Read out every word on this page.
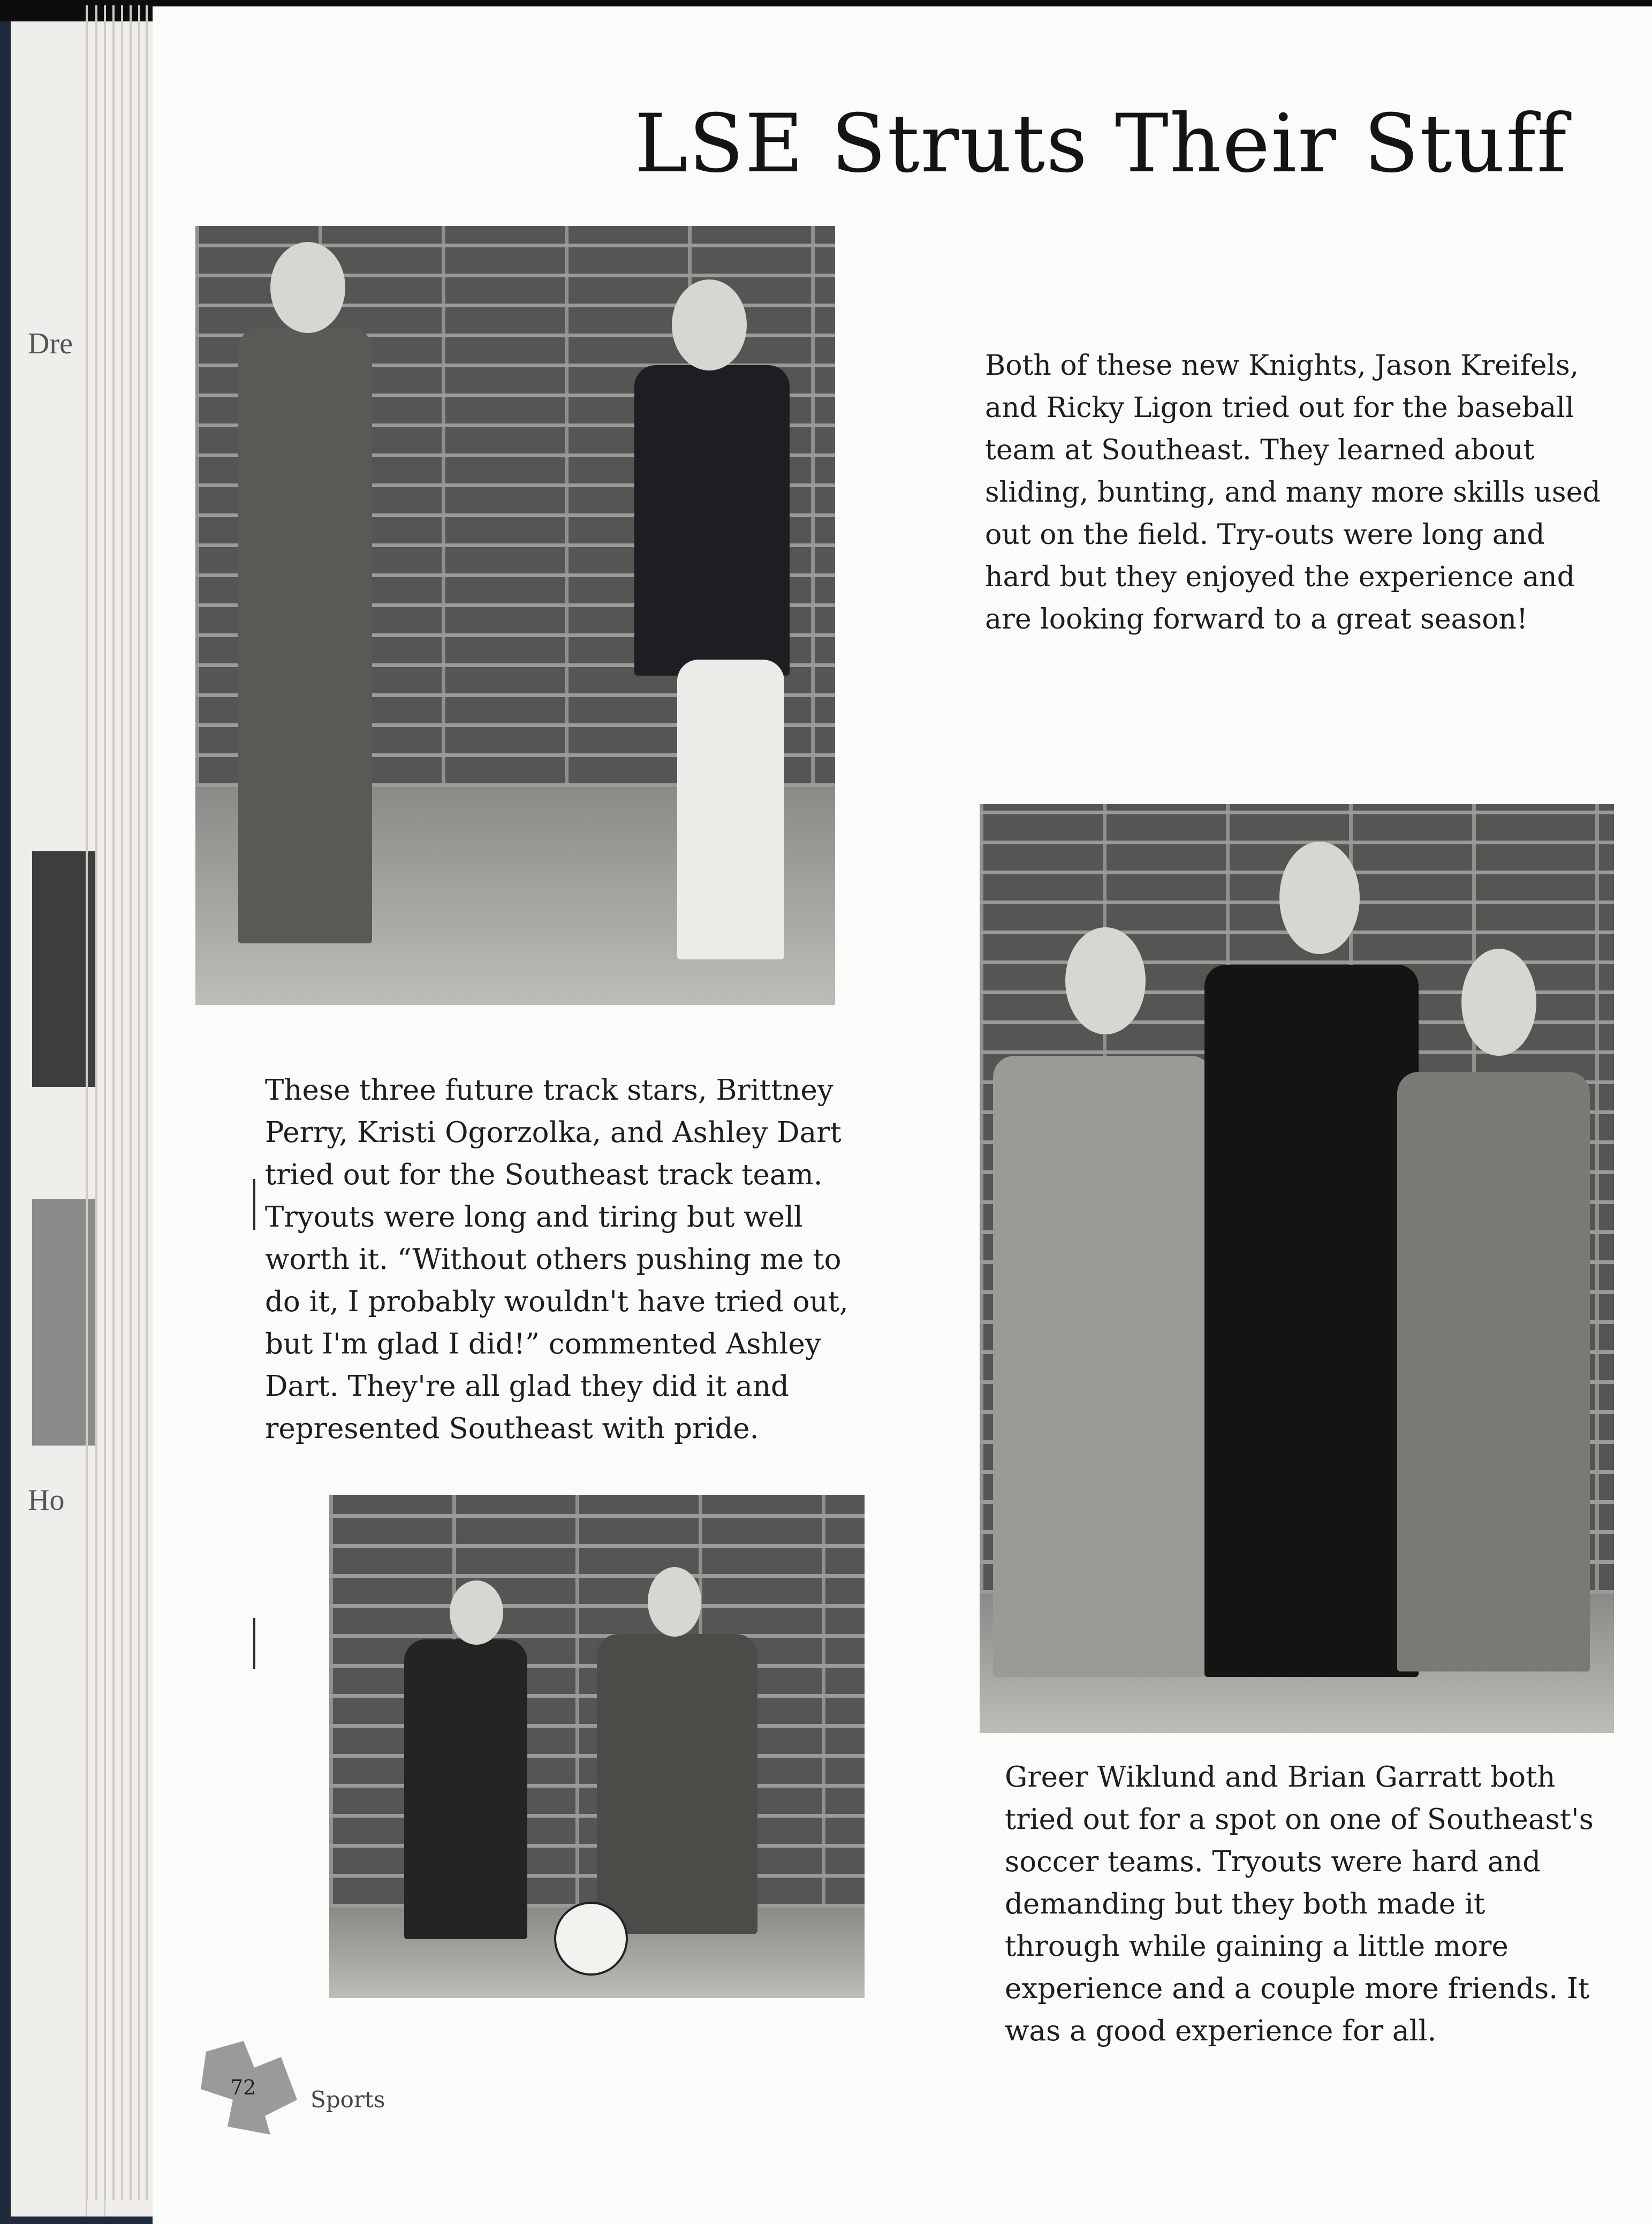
Dre
Ho
LSE Struts Their Stuff
Both of these new Knights, Jason Kreifels, and Ricky Ligon tried out for the baseball team at Southeast. They learned about sliding, bunting, and many more skills used out on the field. Try-outs were long and hard but they enjoyed the experience and are looking forward to a great season!
These three future track stars, Brittney Perry, Kristi Ogorzolka, and Ashley Dart tried out for the Southeast track team. Tryouts were long and tiring but well worth it. “Without others pushing me to do it, I probably wouldn't have tried out, but I'm glad I did!” commented Ashley Dart. They're all glad they did it and represented Southeast with pride.
Greer Wiklund and Brian Garratt both tried out for a spot on one of Southeast's soccer teams. Tryouts were hard and demanding but they both made it through while gaining a little more experience and a couple more friends. It was a good experience for all.
72 Sports
